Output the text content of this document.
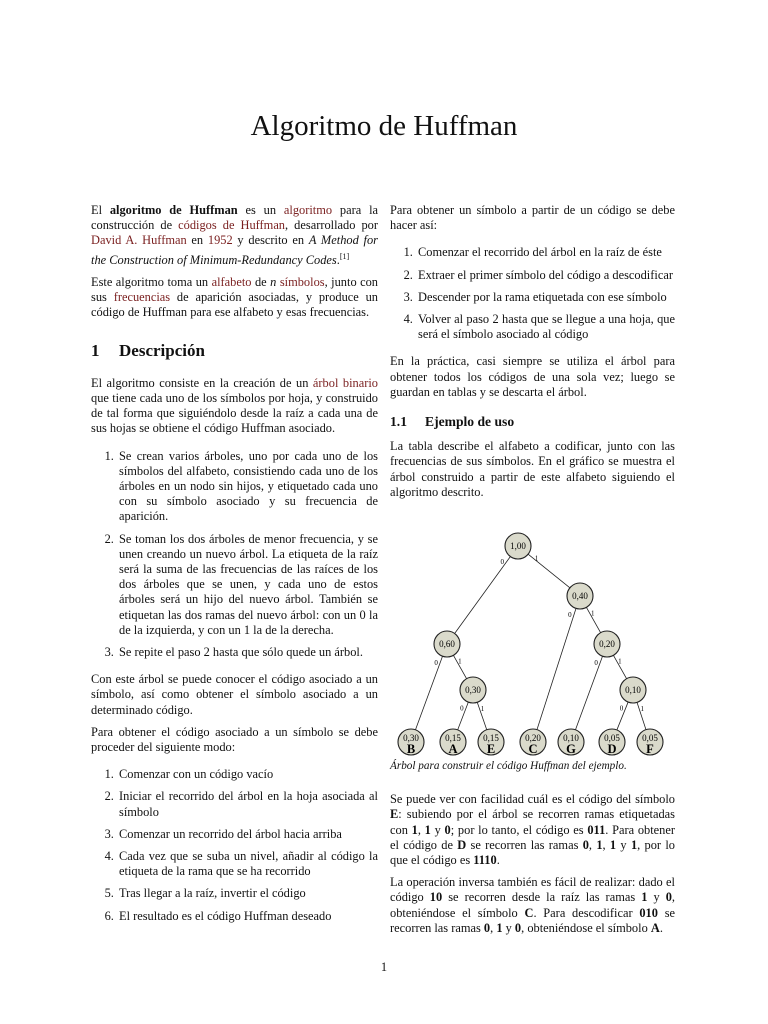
Algoritmo de Huffman

El algoritmo de Huffman es un algoritmo para la construcción de códigos de Huffman, desarrollado por David A. Huffman en 1952 y descrito en A Method for the Construction of Minimum-Redundancy Codes.[1]

Este algoritmo toma un alfabeto de n símbolos, junto con sus frecuencias de aparición asociadas, y produce un código de Huffman para ese alfabeto y esas frecuencias.

1 Descripción

El algoritmo consiste en la creación de un árbol binario que tiene cada uno de los símbolos por hoja, y construido de tal forma que siguiéndolo desde la raíz a cada una de sus hojas se obtiene el código Huffman asociado.

1. Se crean varios árboles, uno por cada uno de los símbolos del alfabeto, consistiendo cada uno de los árboles en un nodo sin hijos, y etiquetado cada uno con su símbolo asociado y su frecuencia de aparición.
2. Se toman los dos árboles de menor frecuencia, y se unen creando un nuevo árbol. La etiqueta de la raíz será la suma de las frecuencias de las raíces de los dos árboles que se unen, y cada uno de estos árboles será un hijo del nuevo árbol. También se etiquetan las dos ramas del nuevo árbol: con un 0 la de la izquierda, y con un 1 la de la derecha.
3. Se repite el paso 2 hasta que sólo quede un árbol.

Con este árbol se puede conocer el código asociado a un símbolo, así como obtener el símbolo asociado a un determinado código.

Para obtener el código asociado a un símbolo se debe proceder del siguiente modo:

1. Comenzar con un código vacío
2. Iniciar el recorrido del árbol en la hoja asociada al símbolo
3. Comenzar un recorrido del árbol hacia arriba
4. Cada vez que se suba un nivel, añadir al código la etiqueta de la rama que se ha recorrido
5. Tras llegar a la raíz, invertir el código
6. El resultado es el código Huffman deseado

Para obtener un símbolo a partir de un código se debe hacer así:

1. Comenzar el recorrido del árbol en la raíz de éste
2. Extraer el primer símbolo del código a descodificar
3. Descender por la rama etiquetada con ese símbolo
4. Volver al paso 2 hasta que se llegue a una hoja, que será el símbolo asociado al código

En la práctica, casi siempre se utiliza el árbol para obtener todos los códigos de una sola vez; luego se guardan en tablas y se descarta el árbol.

1.1 Ejemplo de uso

La tabla describe el alfabeto a codificar, junto con las frecuencias de sus símbolos. En el gráfico se muestra el árbol construido a partir de este alfabeto siguiendo el algoritmo descrito.

Árbol para construir el código Huffman del ejemplo.

Se puede ver con facilidad cuál es el código del símbolo E: subiendo por el árbol se recorren ramas etiquetadas con 1, 1 y 0; por lo tanto, el código es 011. Para obtener el código de D se recorren las ramas 0, 1, 1 y 1, por lo que el código es 1110.

La operación inversa también es fácil de realizar: dado el código 10 se recorren desde la raíz las ramas 1 y 0, obteniéndose el símbolo C. Para descodificar 010 se recorren las ramas 0, 1 y 0, obteniéndose el símbolo A.

0	1
0	1
0	1
0 1
0	1
0 1
1,00
0,40
0,60	0,20
0,30	0,10
0,30
B
0,15
A
0,15
E
0,20
C
0,10
G
0,05
D
0,05
F
1
